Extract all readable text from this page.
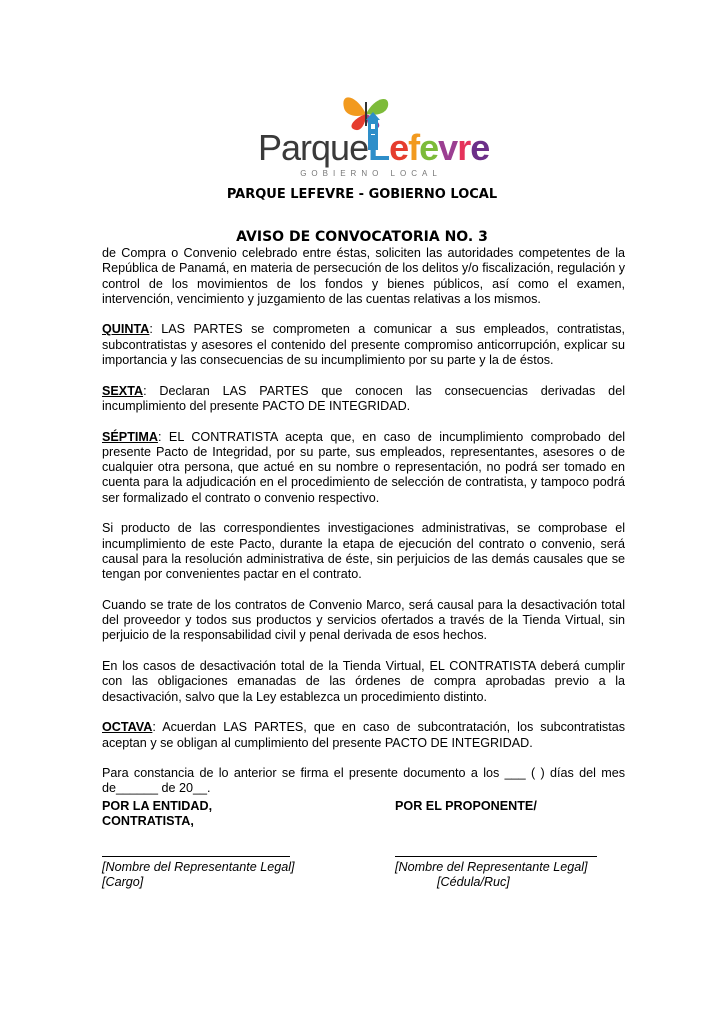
ParqueLefevre
GOBIERNO LOCAL
PARQUE LEFEVRE - GOBIERNO LOCAL
AVISO DE CONVOCATORIA NO. 3

de Compra o Convenio celebrado entre éstas, soliciten las autoridades competentes de la República de Panamá, en materia de persecución de los delitos y/o fiscalización, regulación y control de los movimientos de los fondos y bienes públicos, así como el examen, intervención, vencimiento y juzgamiento de las cuentas relativas a los mismos.

QUINTA: LAS PARTES se comprometen a comunicar a sus empleados, contratistas, subcontratistas y asesores el contenido del presente compromiso anticorrupción, explicar su importancia y las consecuencias de su incumplimiento por su parte y la de éstos.

SEXTA: Declaran LAS PARTES que conocen las consecuencias derivadas del incumplimiento del presente PACTO DE INTEGRIDAD.

SÉPTIMA: EL CONTRATISTA acepta que, en caso de incumplimiento comprobado del presente Pacto de Integridad, por su parte, sus empleados, representantes, asesores o de cualquier otra persona, que actué en su nombre o representación, no podrá ser tomado en cuenta para la adjudicación en el procedimiento de selección de contratista, y tampoco podrá ser formalizado el contrato o convenio respectivo.

Si producto de las correspondientes investigaciones administrativas, se comprobase el incumplimiento de este Pacto, durante la etapa de ejecución del contrato o convenio, será causal para la resolución administrativa de éste, sin perjuicios de las demás causales que se tengan por convenientes pactar en el contrato.

Cuando se trate de los contratos de Convenio Marco, será causal para la desactivación total del proveedor y todos sus productos y servicios ofertados a través de la Tienda Virtual, sin perjuicio de la responsabilidad civil y penal derivada de esos hechos.

En los casos de desactivación total de la Tienda Virtual, EL CONTRATISTA deberá cumplir con las obligaciones emanadas de las órdenes de compra aprobadas previo a la desactivación, salvo que la Ley establezca un procedimiento distinto.

OCTAVA: Acuerdan LAS PARTES, que en caso de subcontratación, los subcontratistas aceptan y se obligan al cumplimiento del presente PACTO DE INTEGRIDAD.

Para constancia de lo anterior se firma el presente documento a los ___ ( ) días del mes de______ de 20__.

POR LA ENTIDAD,
CONTRATISTA,
POR EL PROPONENTE/
[Nombre del Representante Legal]
[Cargo]
[Nombre del Representante Legal]
[Cédula/Ruc]
